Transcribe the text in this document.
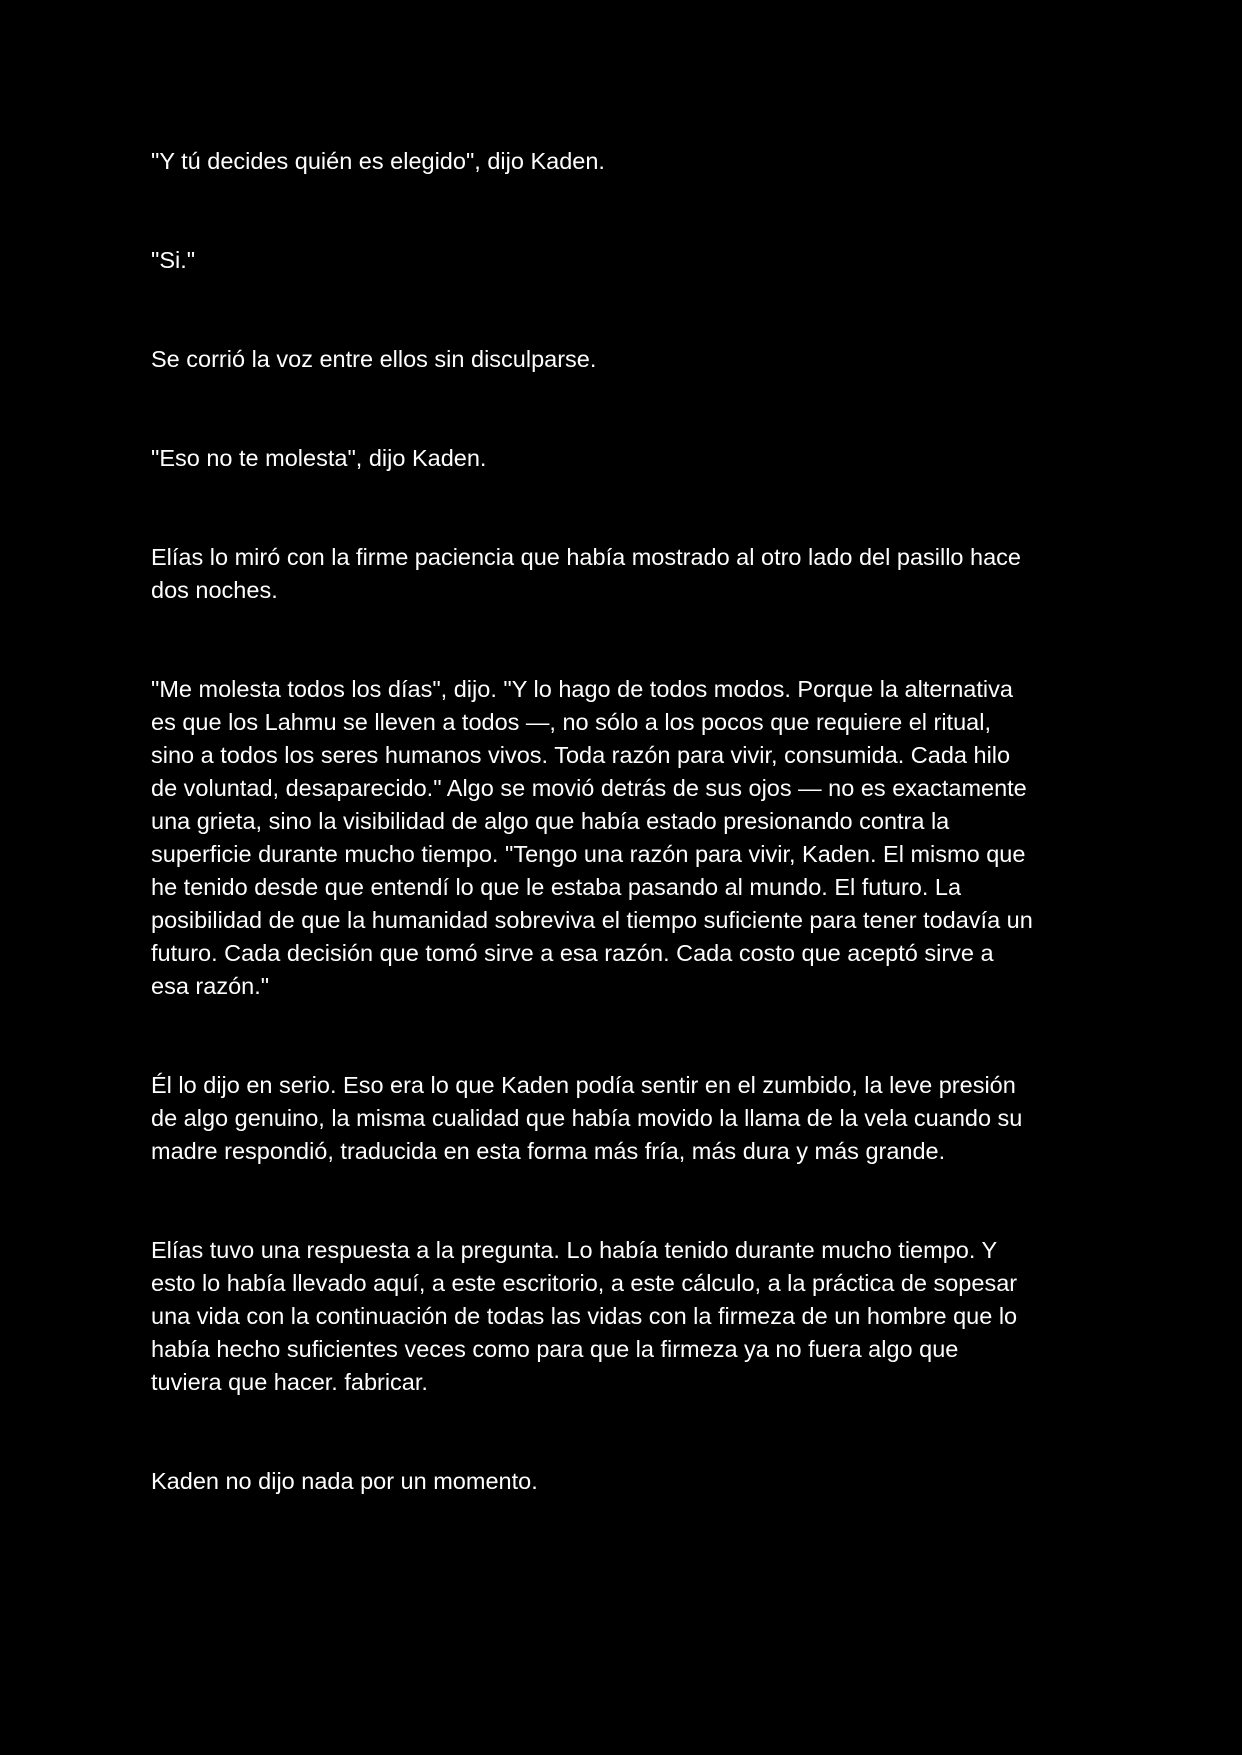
"Y tú decides quién es elegido", dijo Kaden.

"Si."

Se corrió la voz entre ellos sin disculparse.

"Eso no te molesta", dijo Kaden.

Elías lo miró con la firme paciencia que había mostrado al otro lado del pasillo hace
dos noches.

"Me molesta todos los días", dijo. "Y lo hago de todos modos. Porque la alternativa
es que los Lahmu se lleven a todos —, no sólo a los pocos que requiere el ritual,
sino a todos los seres humanos vivos. Toda razón para vivir, consumida. Cada hilo
de voluntad, desaparecido." Algo se movió detrás de sus ojos — no es exactamente
una grieta, sino la visibilidad de algo que había estado presionando contra la
superficie durante mucho tiempo. "Tengo una razón para vivir, Kaden. El mismo que
he tenido desde que entendí lo que le estaba pasando al mundo. El futuro. La
posibilidad de que la humanidad sobreviva el tiempo suficiente para tener todavía un
futuro. Cada decisión que tomó sirve a esa razón. Cada costo que aceptó sirve a
esa razón."

Él lo dijo en serio. Eso era lo que Kaden podía sentir en el zumbido, la leve presión
de algo genuino, la misma cualidad que había movido la llama de la vela cuando su
madre respondió, traducida en esta forma más fría, más dura y más grande.

Elías tuvo una respuesta a la pregunta. Lo había tenido durante mucho tiempo. Y
esto lo había llevado aquí, a este escritorio, a este cálculo, a la práctica de sopesar
una vida con la continuación de todas las vidas con la firmeza de un hombre que lo
había hecho suficientes veces como para que la firmeza ya no fuera algo que
tuviera que hacer. fabricar.

Kaden no dijo nada por un momento.
